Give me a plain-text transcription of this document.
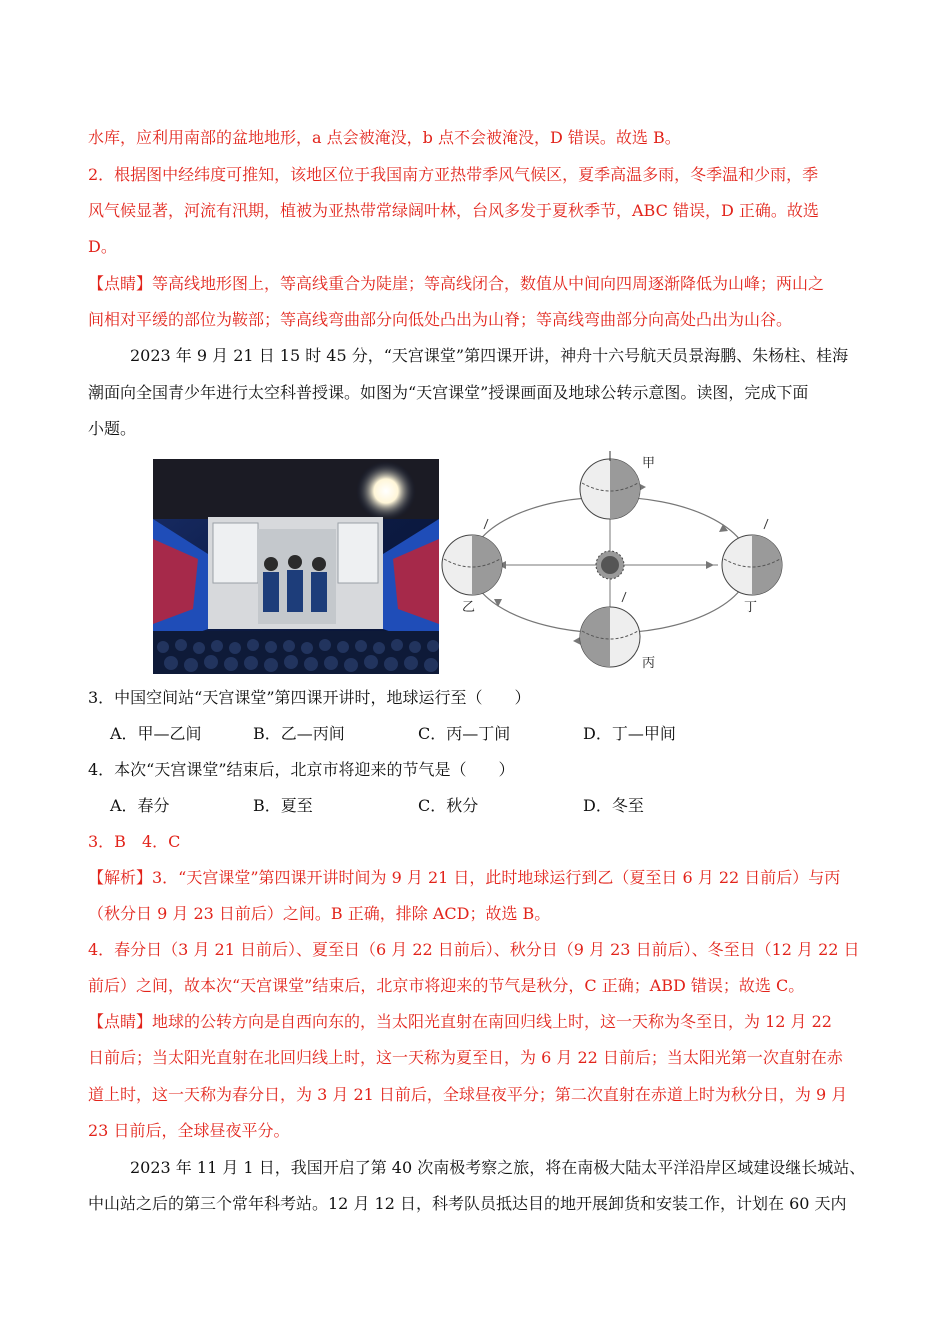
水库，应利用南部的盆地地形，a 点会被淹没，b 点不会被淹没，D 错误。故选 B。
2．根据图中经纬度可推知，该地区位于我国南方亚热带季风气候区，夏季高温多雨，冬季温和少雨，季
风气候显著，河流有汛期，植被为亚热带常绿阔叶林，台风多发于夏秋季节，ABC 错误，D 正确。故选
D。
【点睛】等高线地形图上，等高线重合为陡崖；等高线闭合，数值从中间向四周逐渐降低为山峰；两山之
间相对平缓的部位为鞍部；等高线弯曲部分向低处凸出为山脊；等高线弯曲部分向高处凸出为山谷。
2023 年 9 月 21 日 15 时 45 分，“天宫课堂”第四课开讲，神舟十六号航天员景海鹏、朱杨柱、桂海
潮面向全国青少年进行太空科普授课。如图为“天宫课堂”授课画面及地球公转示意图。读图，完成下面
小题。
甲
乙
丙
丁
3．中国空间站“天宫课堂”第四课开讲时，地球运行至（　　）
A．甲—乙间	B．乙—丙间	C．丙—丁间	D．丁—甲间
4．本次“天宫课堂”结束后，北京市将迎来的节气是（　　）
A．春分	B．夏至	C．秋分	D．冬至
3．B　4．C
【解析】3．“天宫课堂”第四课开讲时间为 9 月 21 日，此时地球运行到乙（夏至日 6 月 22 日前后）与丙
（秋分日 9 月 23 日前后）之间。B 正确，排除 ACD；故选 B。
4．春分日（3 月 21 日前后）、夏至日（6 月 22 日前后）、秋分日（9 月 23 日前后）、冬至日（12 月 22 日
前后）之间，故本次“天宫课堂”结束后，北京市将迎来的节气是秋分，C 正确；ABD 错误；故选 C。
【点睛】地球的公转方向是自西向东的，当太阳光直射在南回归线上时，这一天称为冬至日，为 12 月 22
日前后；当太阳光直射在北回归线上时，这一天称为夏至日，为 6 月 22 日前后；当太阳光第一次直射在赤
道上时，这一天称为春分日，为 3 月 21 日前后，全球昼夜平分；第二次直射在赤道上时为秋分日，为 9 月
23 日前后，全球昼夜平分。
2023 年 11 月 1 日，我国开启了第 40 次南极考察之旅，将在南极大陆太平洋沿岸区域建设继长城站、
中山站之后的第三个常年科考站。12 月 12 日，科考队员抵达目的地开展卸货和安装工作，计划在 60 天内
